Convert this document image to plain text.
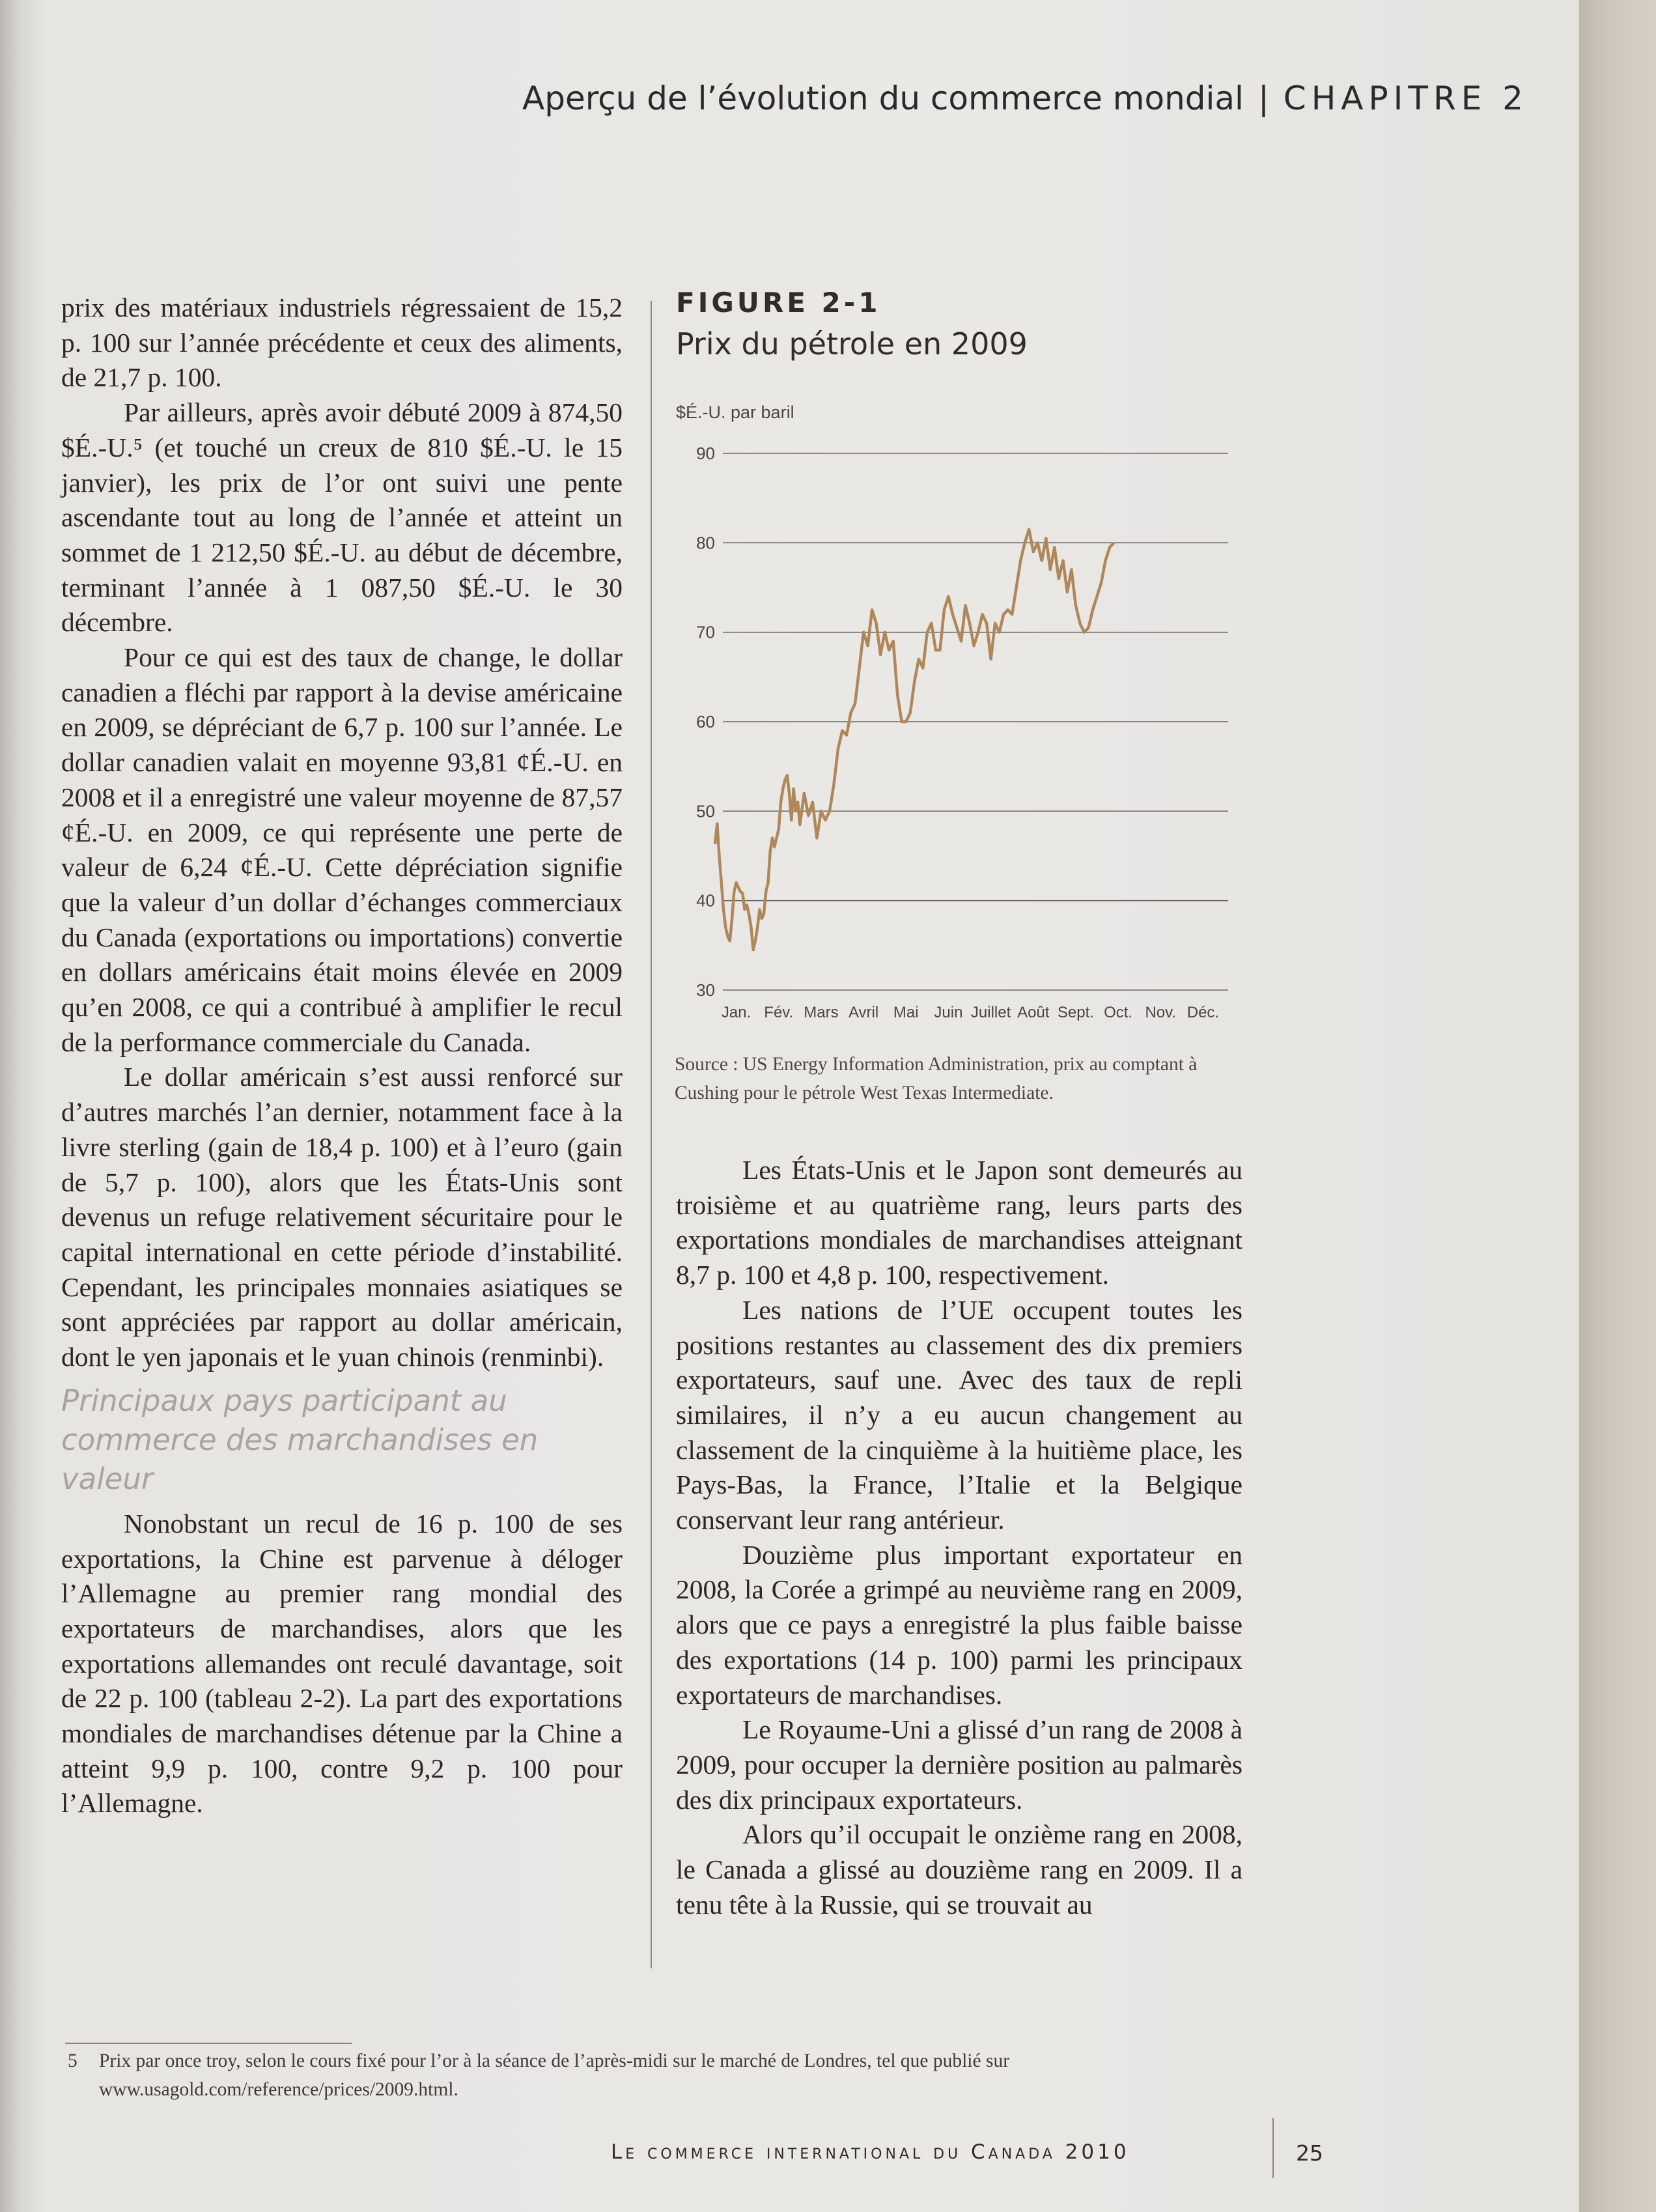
Aperçu de l’évolution du commerce mondial | CHAPITRE 2

prix des matériaux industriels régressaient de 15,2 p. 100 sur l’année précédente et ceux des aliments, de 21,7 p. 100.

Par ailleurs, après avoir débuté 2009 à 874,50 $É.-U.⁵ (et touché un creux de 810 $É.-U. le 15 janvier), les prix de l’or ont suivi une pente ascendante tout au long de l’année et atteint un sommet de 1 212,50 $É.-U. au début de décembre, terminant l’année à 1 087,50 $É.-U. le 30 décembre.

Pour ce qui est des taux de change, le dollar canadien a fléchi par rapport à la devise américaine en 2009, se dépréciant de 6,7 p. 100 sur l’année. Le dollar canadien valait en moyenne 93,81 ¢É.-U. en 2008 et il a enregistré une valeur moyenne de 87,57 ¢É.-U. en 2009, ce qui représente une perte de valeur de 6,24 ¢É.-U. Cette dépréciation signifie que la valeur d’un dollar d’échanges commerciaux du Canada (exportations ou importations) convertie en dollars américains était moins élevée en 2009 qu’en 2008, ce qui a contribué à amplifier le recul de la performance commerciale du Canada.

Le dollar américain s’est aussi renforcé sur d’autres marchés l’an dernier, notamment face à la livre sterling (gain de 18,4 p. 100) et à l’euro (gain de 5,7 p. 100), alors que les États-Unis sont devenus un refuge relativement sécuritaire pour le capital international en cette période d’instabilité. Cependant, les principales monnaies asiatiques se sont appréciées par rapport au dollar américain, dont le yen japonais et le yuan chinois (renminbi).

Principaux pays participant au commerce des marchandises en valeur

Nonobstant un recul de 16 p. 100 de ses exportations, la Chine est parvenue à déloger l’Allemagne au premier rang mondial des exportateurs de marchandises, alors que les exportations allemandes ont reculé davantage, soit de 22 p. 100 (tableau 2-2). La part des exportations mondiales de marchandises détenue par la Chine a atteint 9,9 p. 100, contre 9,2 p. 100 pour l’Allemagne.

FIGURE 2-1
Prix du pétrole en 2009
$É.-U. par baril
90
80
70
60
50
40
30
Jan. Fév. Mars Avril Mai Juin Juillet Août Sept. Oct. Nov. Déc.
Source : US Energy Information Administration, prix au comptant à Cushing pour le pétrole West Texas Intermediate.

Les États-Unis et le Japon sont demeurés au troisième et au quatrième rang, leurs parts des exportations mondiales de marchandises atteignant 8,7 p. 100 et 4,8 p. 100, respectivement.

Les nations de l’UE occupent toutes les positions restantes au classement des dix premiers exportateurs, sauf une. Avec des taux de repli similaires, il n’y a eu aucun changement au classement de la cinquième à la huitième place, les Pays-Bas, la France, l’Italie et la Belgique conservant leur rang antérieur.

Douzième plus important exportateur en 2008, la Corée a grimpé au neuvième rang en 2009, alors que ce pays a enregistré la plus faible baisse des exportations (14 p. 100) parmi les principaux exportateurs de marchandises.

Le Royaume-Uni a glissé d’un rang de 2008 à 2009, pour occuper la dernière position au palmarès des dix principaux exportateurs.

Alors qu’il occupait le onzième rang en 2008, le Canada a glissé au douzième rang en 2009. Il a tenu tête à la Russie, qui se trouvait au

5 Prix par once troy, selon le cours fixé pour l’or à la séance de l’après-midi sur le marché de Londres, tel que publié sur
www.usagold.com/reference/prices/2009.html.
Le commerce international du Canada 2010	25
